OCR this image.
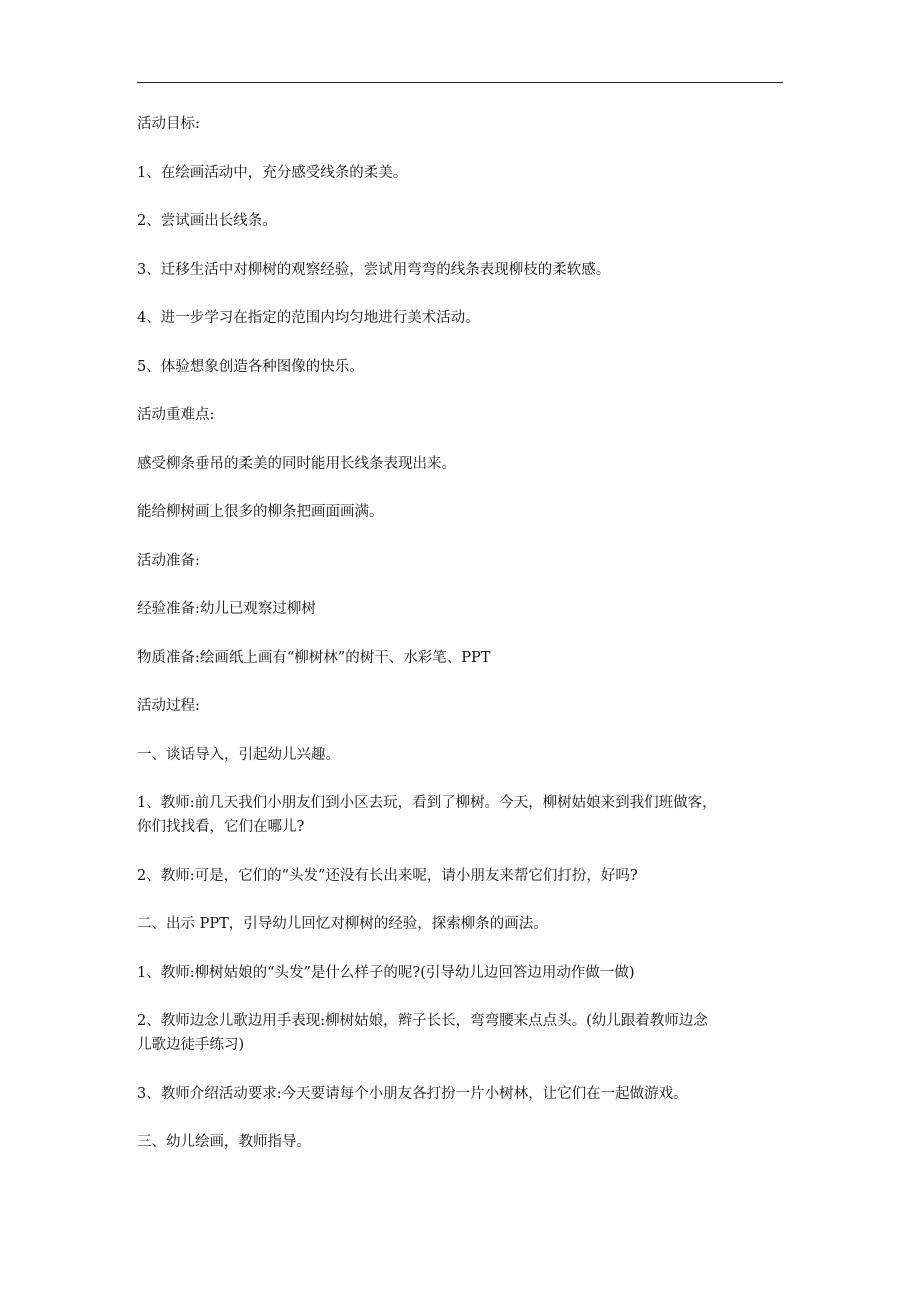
活动目标:

1、在绘画活动中，充分感受线条的柔美。

2、尝试画出长线条。

3、迁移生活中对柳树的观察经验，尝试用弯弯的线条表现柳枝的柔软感。

4、进一步学习在指定的范围内均匀地进行美术活动。

5、体验想象创造各种图像的快乐。

活动重难点:

感受柳条垂吊的柔美的同时能用长线条表现出来。

能给柳树画上很多的柳条把画面画满。

活动准备:

经验准备:幼儿已观察过柳树

物质准备:绘画纸上画有“柳树林”的树干、水彩笔、PPT

活动过程:

一、谈话导入，引起幼儿兴趣。

1、教师:前几天我们小朋友们到小区去玩，看到了柳树。今天，柳树姑娘来到我们班做客，
你们找找看，它们在哪儿?

2、教师:可是，它们的“头发”还没有长出来呢，请小朋友来帮它们打扮，好吗?

二、出示 PPT，引导幼儿回忆对柳树的经验，探索柳条的画法。

1、教师:柳树姑娘的“头发”是什么样子的呢?(引导幼儿边回答边用动作做一做)

2、教师边念儿歌边用手表现:柳树姑娘，辫子长长，弯弯腰来点点头。(幼儿跟着教师边念
儿歌边徒手练习)

3、教师介绍活动要求:今天要请每个小朋友各打扮一片小树林，让它们在一起做游戏。

三、幼儿绘画，教师指导。
